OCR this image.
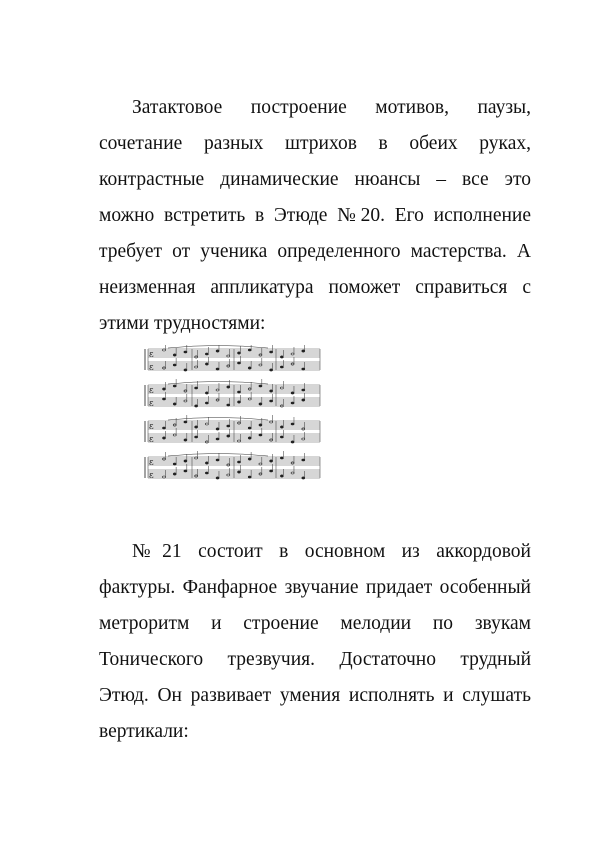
Затактовое построение мотивов, паузы,
сочетание разных штрихов в обеих руках,
контрастные динамические нюансы – все это
можно встретить в Этюде №20. Его исполнение
требует от ученика определенного мастерства. А
неизменная аппликатура поможет справиться с
этими трудностями:
ɛ
ɛ
ɛ
ɛ
ɛ
ɛ
ɛ
ɛ
№21 состоит в основном из аккордовой
фактуры. Фанфарное звучание придает особенный
метроритм и строение мелодии по звукам
Тонического трезвучия. Достаточно трудный
Этюд. Он развивает умения исполнять и слушать
вертикали:
